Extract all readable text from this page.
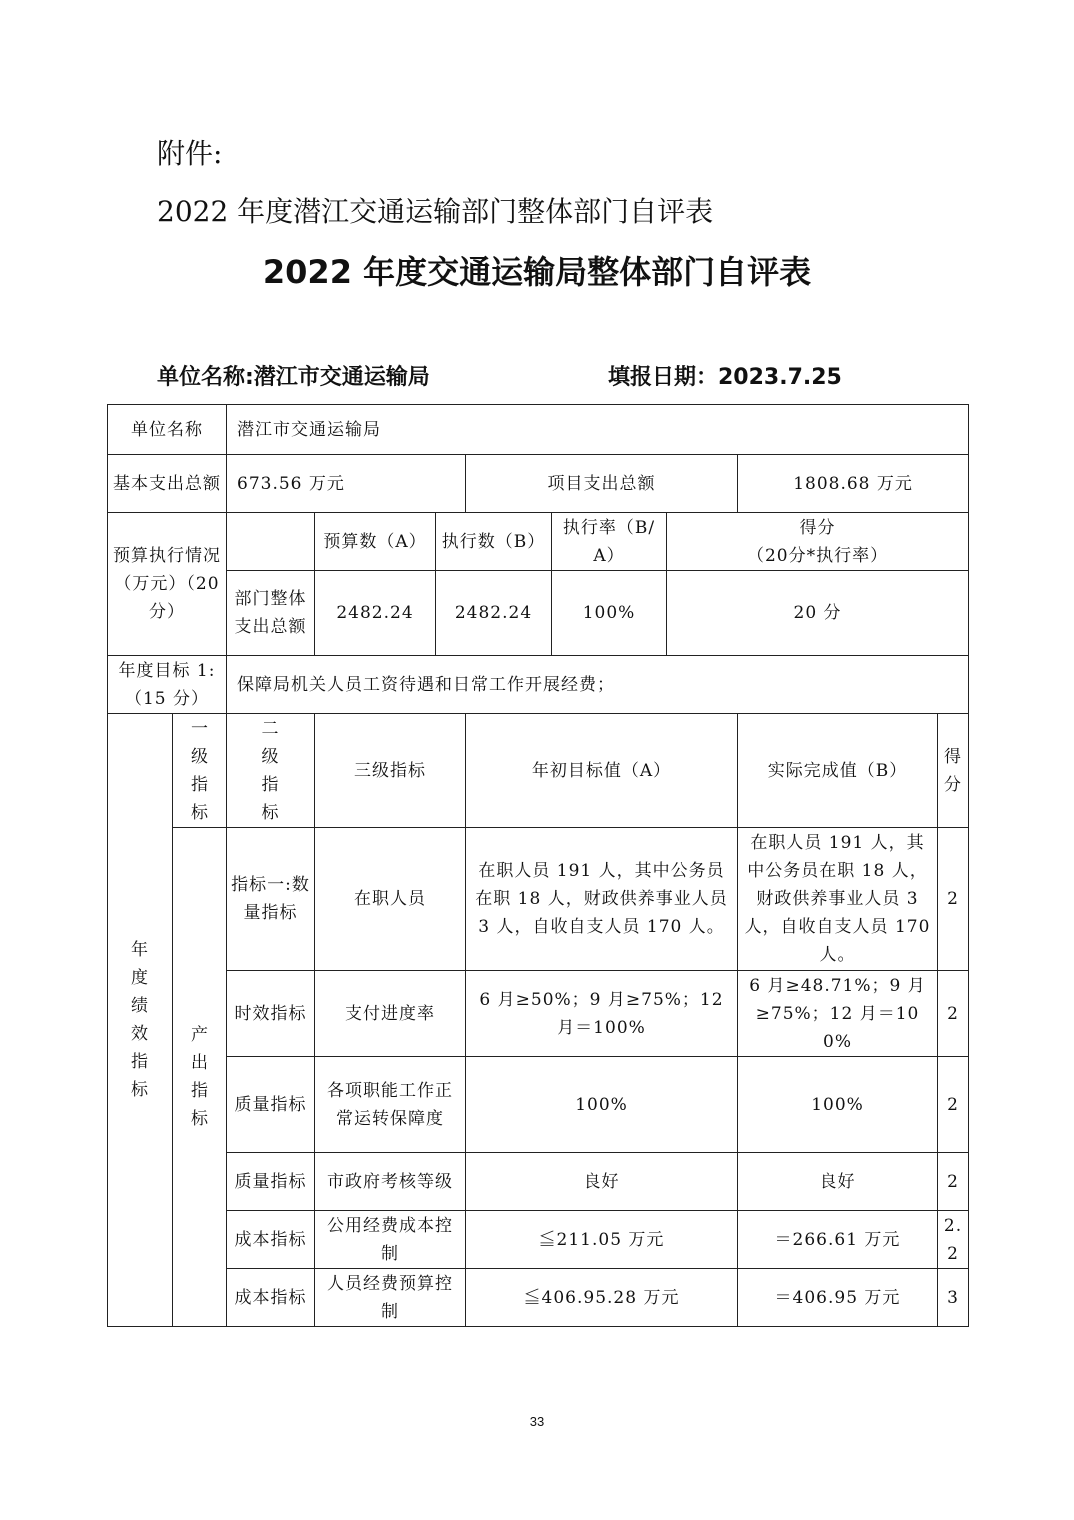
附件:
2022 年度潜江交通运输部门整体部门自评表
2022 年度交通运输局整体部门自评表
单位名称:潜江市交通运输局	填报日期：2023.7.25
单位名称		潜江市交通运输局							
基本支出总额		673.56 万元			项目支出总额			1808.68 万元	
预算执行情况（万元）（20分）			预算数（A）	执行数（B）		执行率（B/A）	得分
（20分*执行率）		

		部门整体支出总额	2482.24	2482.24		100%	20 分		
年度目标 1:（15 分）		保障局机关人员工资待遇和日常工作开展经费；							

年度绩效指标	一级指标	二级指标	三级指标		年初目标值（A）			实际完成值（B）	得分

	产出指标	指标一:数量指标	在职人员		在职人员 191 人，其中公务员在职 18 人，财政供养事业人员 3 人，自收自支人员 170 人。			在职人员 191 人，其中公务员在职 18 人，财政供养事业人员 3 人，自收自支人员 170 人。	2
		时效指标	支付进度率		6 月≥50%；9 月≥75%；12 月＝100%			6 月≥48.71%；9 月≥75%；12 月＝100%	2
		质量指标	各项职能工作正常运转保障度		100%			100%	2
		质量指标	市政府考核等级		良好			良好	2
		成本指标	公用经费成本控制		≦211.05 万元			＝266.61 万元	2.2
		成本指标	人员经费预算控制		≦406.95.28 万元			＝406.95 万元	3
33
